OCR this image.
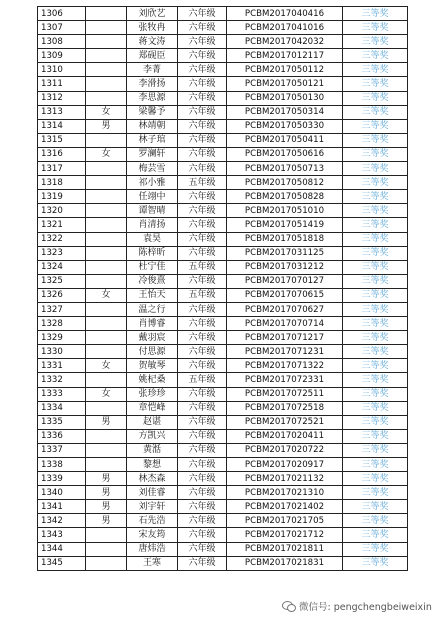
1306		刘欣艺	六年级	PCBM2017040416	三等奖
1307		张牧冉	六年级	PCBM2017041016	三等奖
1308		蒋文涛	六年级	PCBM2017042032	三等奖
1309		郑砚臣	六年级	PCBM2017012117	三等奖
1310		李菁	六年级	PCBM2017050112	三等奖
1311		李滑扬	六年级	PCBM2017050121	三等奖
1312		李思源	六年级	PCBM2017050130	三等奖
1313	女	梁馨予	六年级	PCBM2017050314	三等奖
1314	男	林靖朝	六年级	PCBM2017050330	三等奖
1315		林子琯	六年级	PCBM2017050411	三等奖
1316	女	罗澜轩	六年级	PCBM2017050616	三等奖
1317		梅芸雪	六年级	PCBM2017050713	三等奖
1318		祁小雅	五年级	PCBM2017050812	三等奖
1319		任翊中	六年级	PCBM2017050828	三等奖
1320		谭智晴	六年级	PCBM2017051010	三等奖
1321		肖清扬	六年级	PCBM2017051419	三等奖
1322		袁昊	六年级	PCBM2017051818	三等奖
1323		陈梓昕	六年级	PCBM2017031125	三等奖
1324		杜宁佳	五年级	PCBM2017031212	三等奖
1325		冷俊熹	六年级	PCBM2017070127	三等奖
1326	女	王怡天	五年级	PCBM2017070615	三等奖
1327		温之行	六年级	PCBM2017070627	三等奖
1328		肖博睿	六年级	PCBM2017070714	三等奖
1329		戴羽宸	六年级	PCBM2017071217	三等奖
1330		付思源	六年级	PCBM2017071231	三等奖
1331	女	贺敏琴	六年级	PCBM2017071322	三等奖
1332		姚杞桑	五年级	PCBM2017072331	三等奖
1333	女	张珍珍	六年级	PCBM2017072511	三等奖
1334		章恺峰	六年级	PCBM2017072518	三等奖
1335	男	赵谌	六年级	PCBM2017072521	三等奖
1336		方凯兴	六年级	PCBM2017020411	三等奖
1337		黄湉	六年级	PCBM2017020722	三等奖
1338		黎想	六年级	PCBM2017020917	三等奖
1339	男	林杰森	六年级	PCBM2017021132	三等奖
1340	男	刘佳睿	六年级	PCBM2017021310	三等奖
1341	男	刘宇轩	六年级	PCBM2017021402	三等奖
1342	男	石先浩	六年级	PCBM2017021705	三等奖
1343		宋友筠	六年级	PCBM2017021712	三等奖
1344		唐炜浩	六年级	PCBM2017021811	三等奖
1345		王寒	六年级	PCBM2017021831	三等奖
微信号: pengchengbeiweixin
